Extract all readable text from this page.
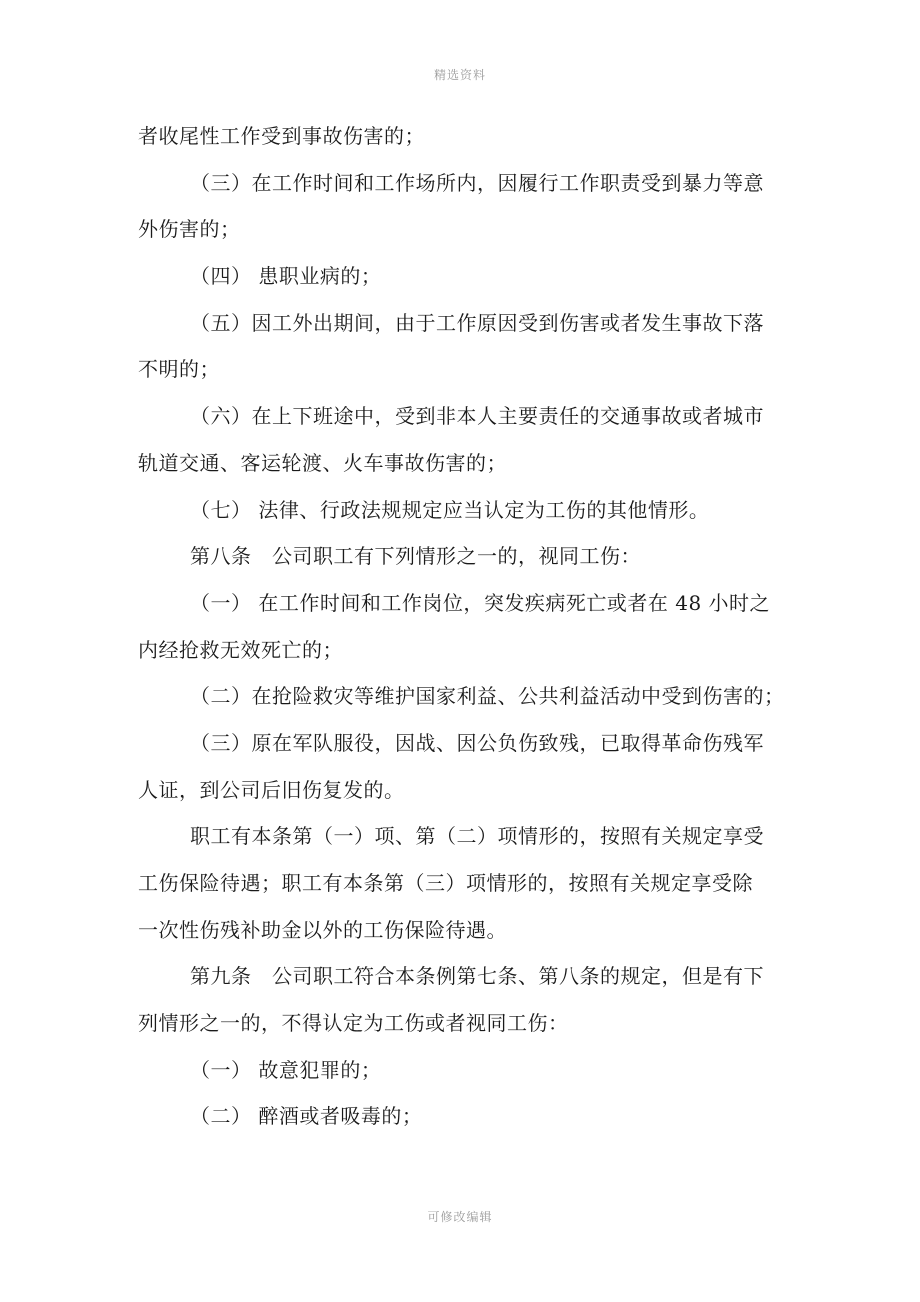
精选资料
者收尾性工作受到事故伤害的；
（三）在工作时间和工作场所内，因履行工作职责受到暴力等意
外伤害的；
（四） 患职业病的；
（五）因工外出期间，由于工作原因受到伤害或者发生事故下落
不明的；
（六）在上下班途中，受到非本人主要责任的交通事故或者城市
轨道交通、客运轮渡、火车事故伤害的；
（七） 法律、行政法规规定应当认定为工伤的其他情形。
第八条　公司职工有下列情形之一的，视同工伤：
（一） 在工作时间和工作岗位，突发疾病死亡或者在 48 小时之
内经抢救无效死亡的；
（二）在抢险救灾等维护国家利益、公共利益活动中受到伤害的；
（三）原在军队服役，因战、因公负伤致残，已取得革命伤残军
人证，到公司后旧伤复发的。
职工有本条第（一）项、第（二）项情形的，按照有关规定享受
工伤保险待遇；职工有本条第（三）项情形的，按照有关规定享受除
一次性伤残补助金以外的工伤保险待遇。
第九条　公司职工符合本条例第七条、第八条的规定，但是有下
列情形之一的，不得认定为工伤或者视同工伤：
（一） 故意犯罪的；
（二） 醉酒或者吸毒的；
可修改编辑
